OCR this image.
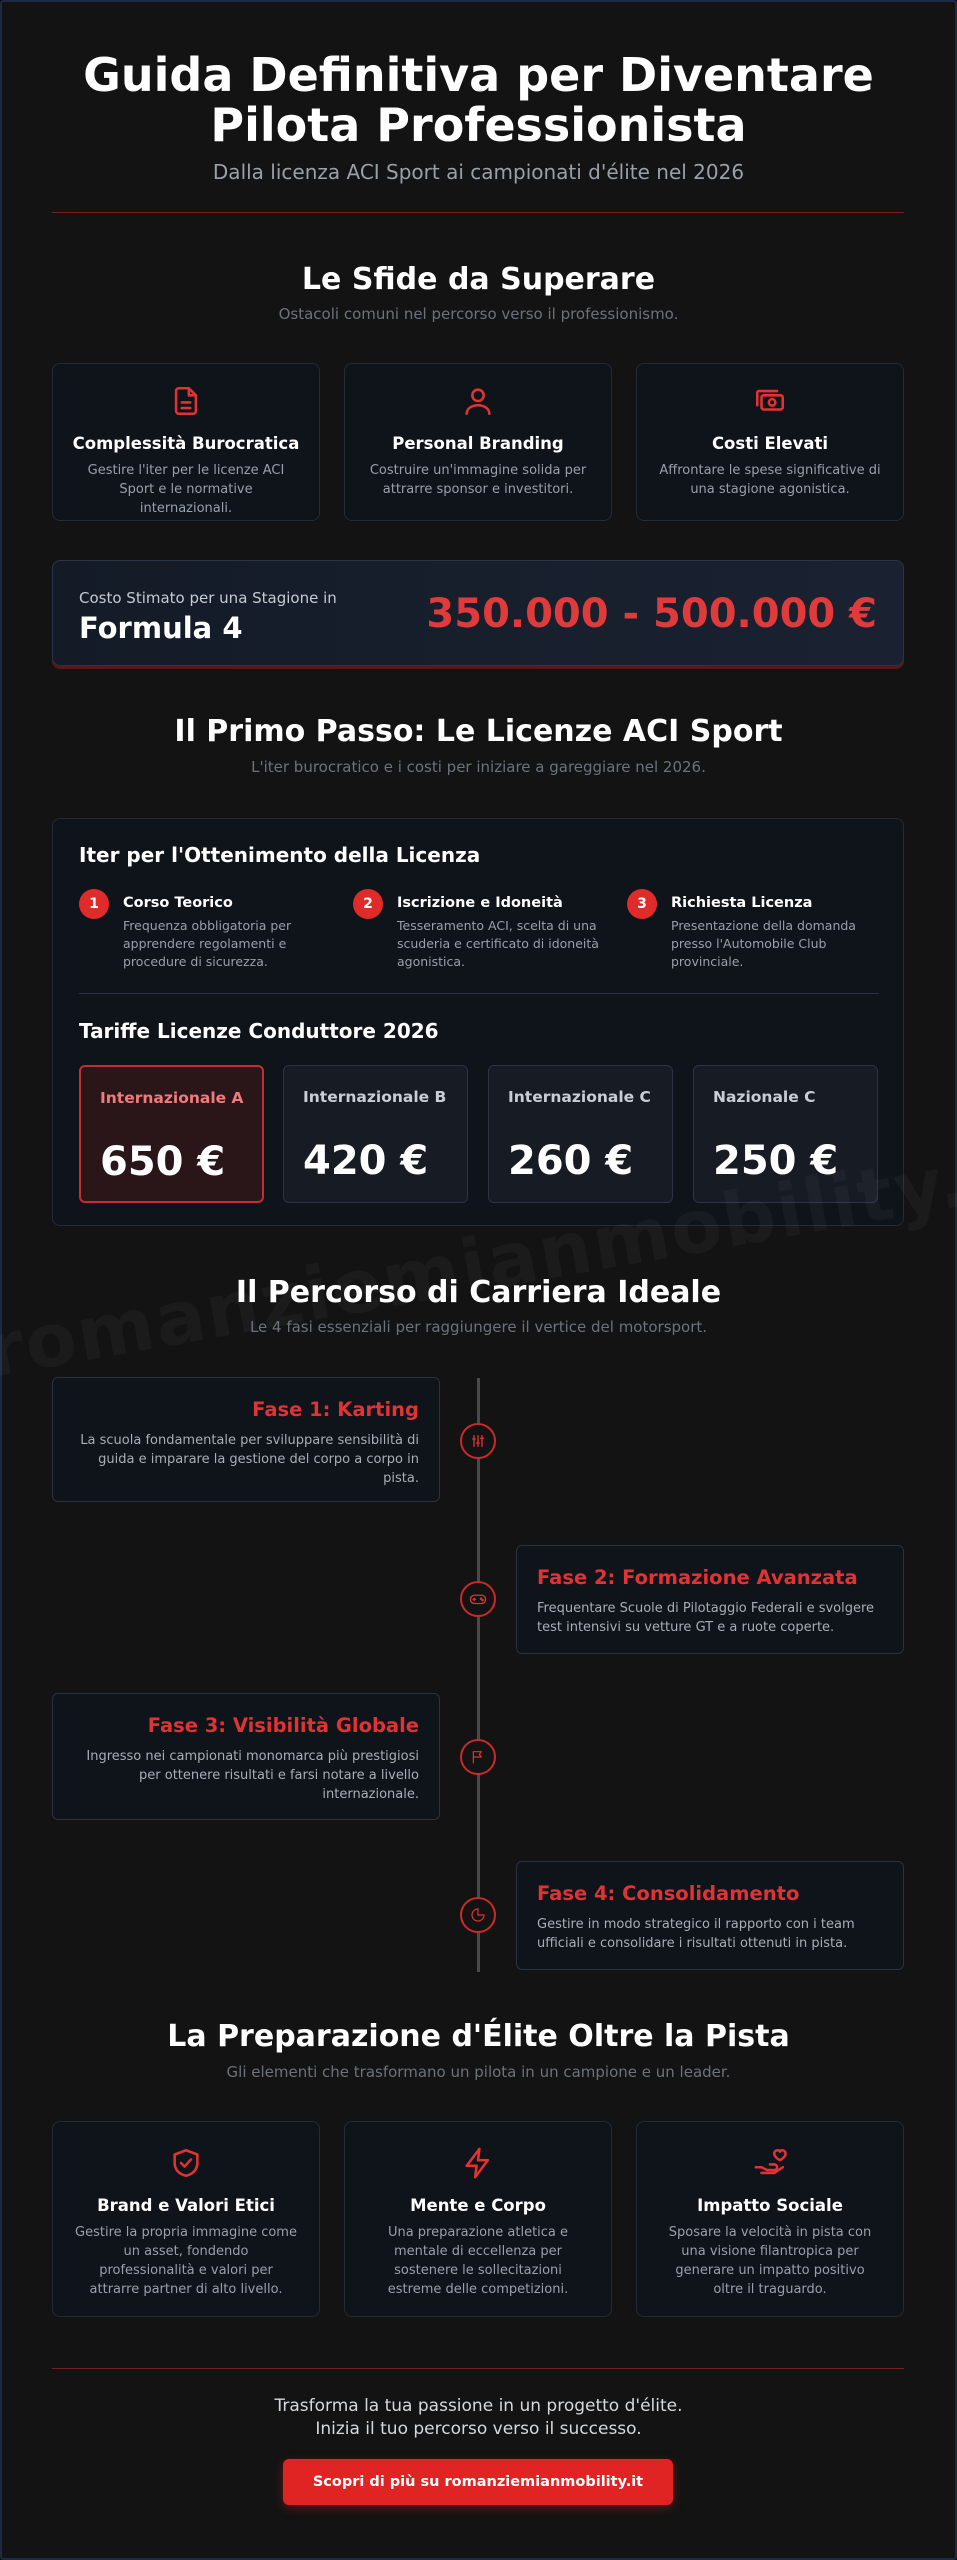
Guida Definitiva per Diventare
Pilota Professionista
Dalla licenza ACI Sport ai campionati d'élite nel 2026
Le Sfide da Superare
Ostacoli comuni nel percorso verso il professionismo.
Complessità Burocratica
Gestire l'iter per le licenze ACI Sport e le normative internazionali.
Personal Branding
Costruire un'immagine solida per attrarre sponsor e investitori.
Costi Elevati
Affrontare le spese significative di una stagione agonistica.
Costo Stimato per una Stagione in
Formula 4	350.000 - 500.000 €
Il Primo Passo: Le Licenze ACI Sport
L'iter burocratico e i costi per iniziare a gareggiare nel 2026.
Iter per l'Ottenimento della Licenza
1	Corso Teorico
Frequenza obbligatoria per apprendere regolamenti e procedure di sicurezza.
2	Iscrizione e Idoneità
Tesseramento ACI, scelta di una scuderia e certificato di idoneità agonistica.
3	Richiesta Licenza
Presentazione della domanda presso l'Automobile Club provinciale.
Tariffe Licenze Conduttore 2026
Internazionale A
650 €
Internazionale B
420 €
Internazionale C
260 €
Nazionale C
250 €
Il Percorso di Carriera Ideale
Le 4 fasi essenziali per raggiungere il vertice del motorsport.
Fase 1: Karting
La scuola fondamentale per sviluppare sensibilità di guida e imparare la gestione del corpo a corpo in pista.
Fase 2: Formazione Avanzata
Frequentare Scuole di Pilotaggio Federali e svolgere test intensivi su vetture GT e a ruote coperte.
Fase 3: Visibilità Globale
Ingresso nei campionati monomarca più prestigiosi per ottenere risultati e farsi notare a livello internazionale.
Fase 4: Consolidamento
Gestire in modo strategico il rapporto con i team ufficiali e consolidare i risultati ottenuti in pista.
La Preparazione d'Élite Oltre la Pista
Gli elementi che trasformano un pilota in un campione e un leader.
Brand e Valori Etici
Gestire la propria immagine come un asset, fondendo professionalità e valori per attrarre partner di alto livello.
Mente e Corpo
Una preparazione atletica e mentale di eccellenza per sostenere le sollecitazioni estreme delle competizioni.
Impatto Sociale
Sposare la velocità in pista con una visione filantropica per generare un impatto positivo oltre il traguardo.
Trasforma la tua passione in un progetto d'élite.
Inizia il tuo percorso verso il successo.
Scopri di più su romanziemianmobility.it
